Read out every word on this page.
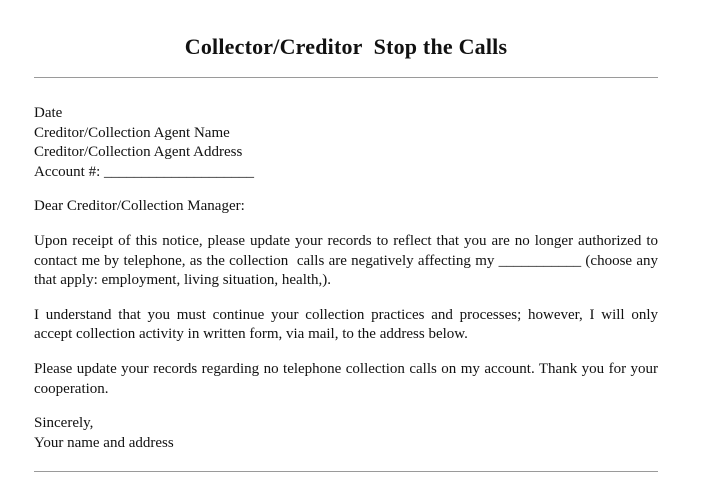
Collector/Creditor  Stop the Calls
Date
Creditor/Collection Agent Name
Creditor/Collection Agent Address
Account #: ____________________
Dear Creditor/Collection Manager:

Upon receipt of this notice, please update your records to reflect that you are no longer authorized to contact me by telephone, as the collection  calls are negatively affecting my ___________ (choose any that apply: employment, living situation, health,).

I understand that you must continue your collection practices and processes; however, I will only accept collection activity in written form, via mail, to the address below.

Please update your records regarding no telephone collection calls on my account. Thank you for your cooperation.

Sincerely,
Your name and address
